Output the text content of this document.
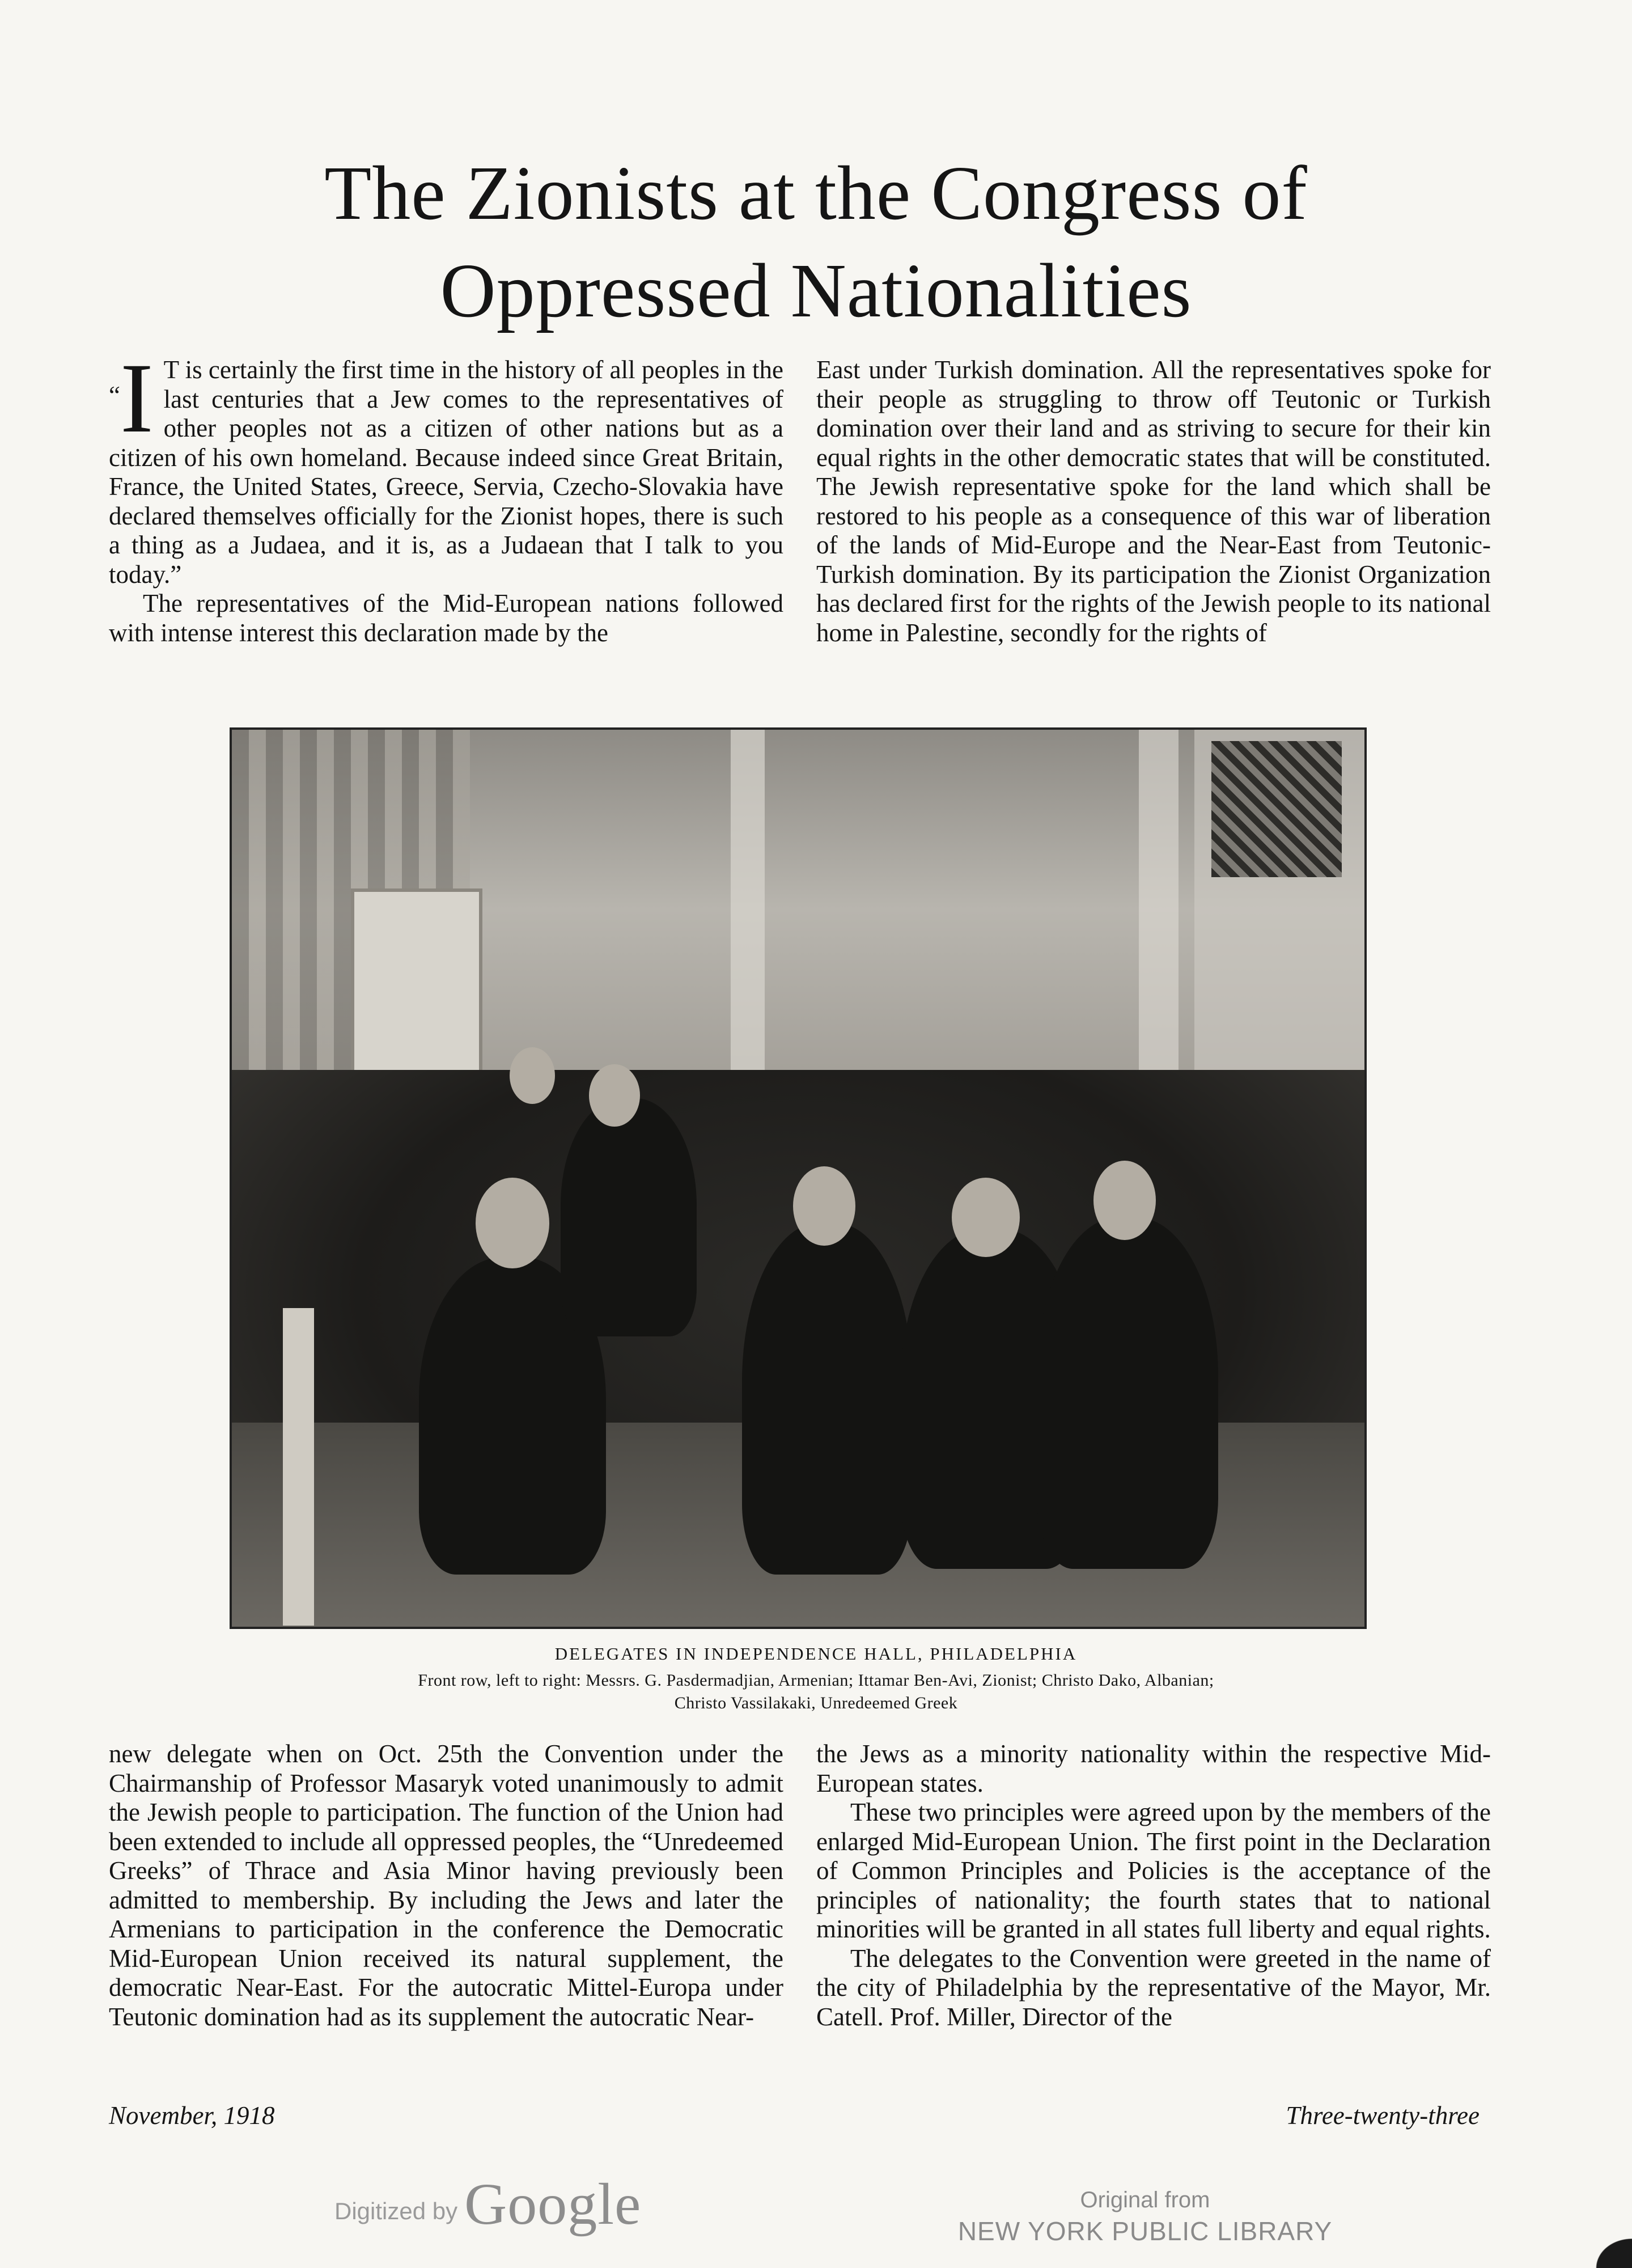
The Zionists at the Congress of
Oppressed Nationalities

“I T is certainly the first time in the history of all peoples in the last centuries that a Jew comes to the representatives of other peoples not as a citizen of other nations but as a citizen of his own homeland. Because indeed since Great Britain, France, the United States, Greece, Servia, Czecho-Slovakia have declared themselves officially for the Zionist hopes, there is such a thing as a Judaea, and it is, as a Judaean that I talk to you today.”

The representatives of the Mid-European nations followed with intense interest this declaration made by the

East under Turkish domination. All the representatives spoke for their people as struggling to throw off Teutonic or Turkish domination over their land and as striving to secure for their kin equal rights in the other democratic states that will be constituted. The Jewish representative spoke for the land which shall be restored to his people as a consequence of this war of liberation of the lands of Mid-Europe and the Near-East from Teutonic-Turkish domination. By its participation the Zionist Organization has declared first for the rights of the Jewish people to its national home in Palestine, secondly for the rights of

DELEGATES IN INDEPENDENCE HALL, PHILADELPHIA
Front row, left to right: Messrs. G. Pasdermadjian, Armenian; Ittamar Ben-Avi, Zionist; Christo Dako, Albanian;
Christo Vassilakaki, Unredeemed Greek

new delegate when on Oct. 25th the Convention under the Chairmanship of Professor Masaryk voted unanimously to admit the Jewish people to participation. The function of the Union had been extended to include all oppressed peoples, the “Unredeemed Greeks” of Thrace and Asia Minor having previously been admitted to membership. By including the Jews and later the Armenians to participation in the conference the Democratic Mid-European Union received its natural supplement, the democratic Near-East. For the autocratic Mittel-Europa under Teutonic domination had as its supplement the autocratic Near-

the Jews as a minority nationality within the respective Mid-European states.

These two principles were agreed upon by the members of the enlarged Mid-European Union. The first point in the Declaration of Common Principles and Policies is the acceptance of the principles of nationality; the fourth states that to national minorities will be granted in all states full liberty and equal rights.

The delegates to the Convention were greeted in the name of the city of Philadelphia by the representative of the Mayor, Mr. Catell. Prof. Miller, Director of the

November, 1918	Three-twenty-three
Digitized by Google	Original from
NEW YORK PUBLIC LIBRARY
